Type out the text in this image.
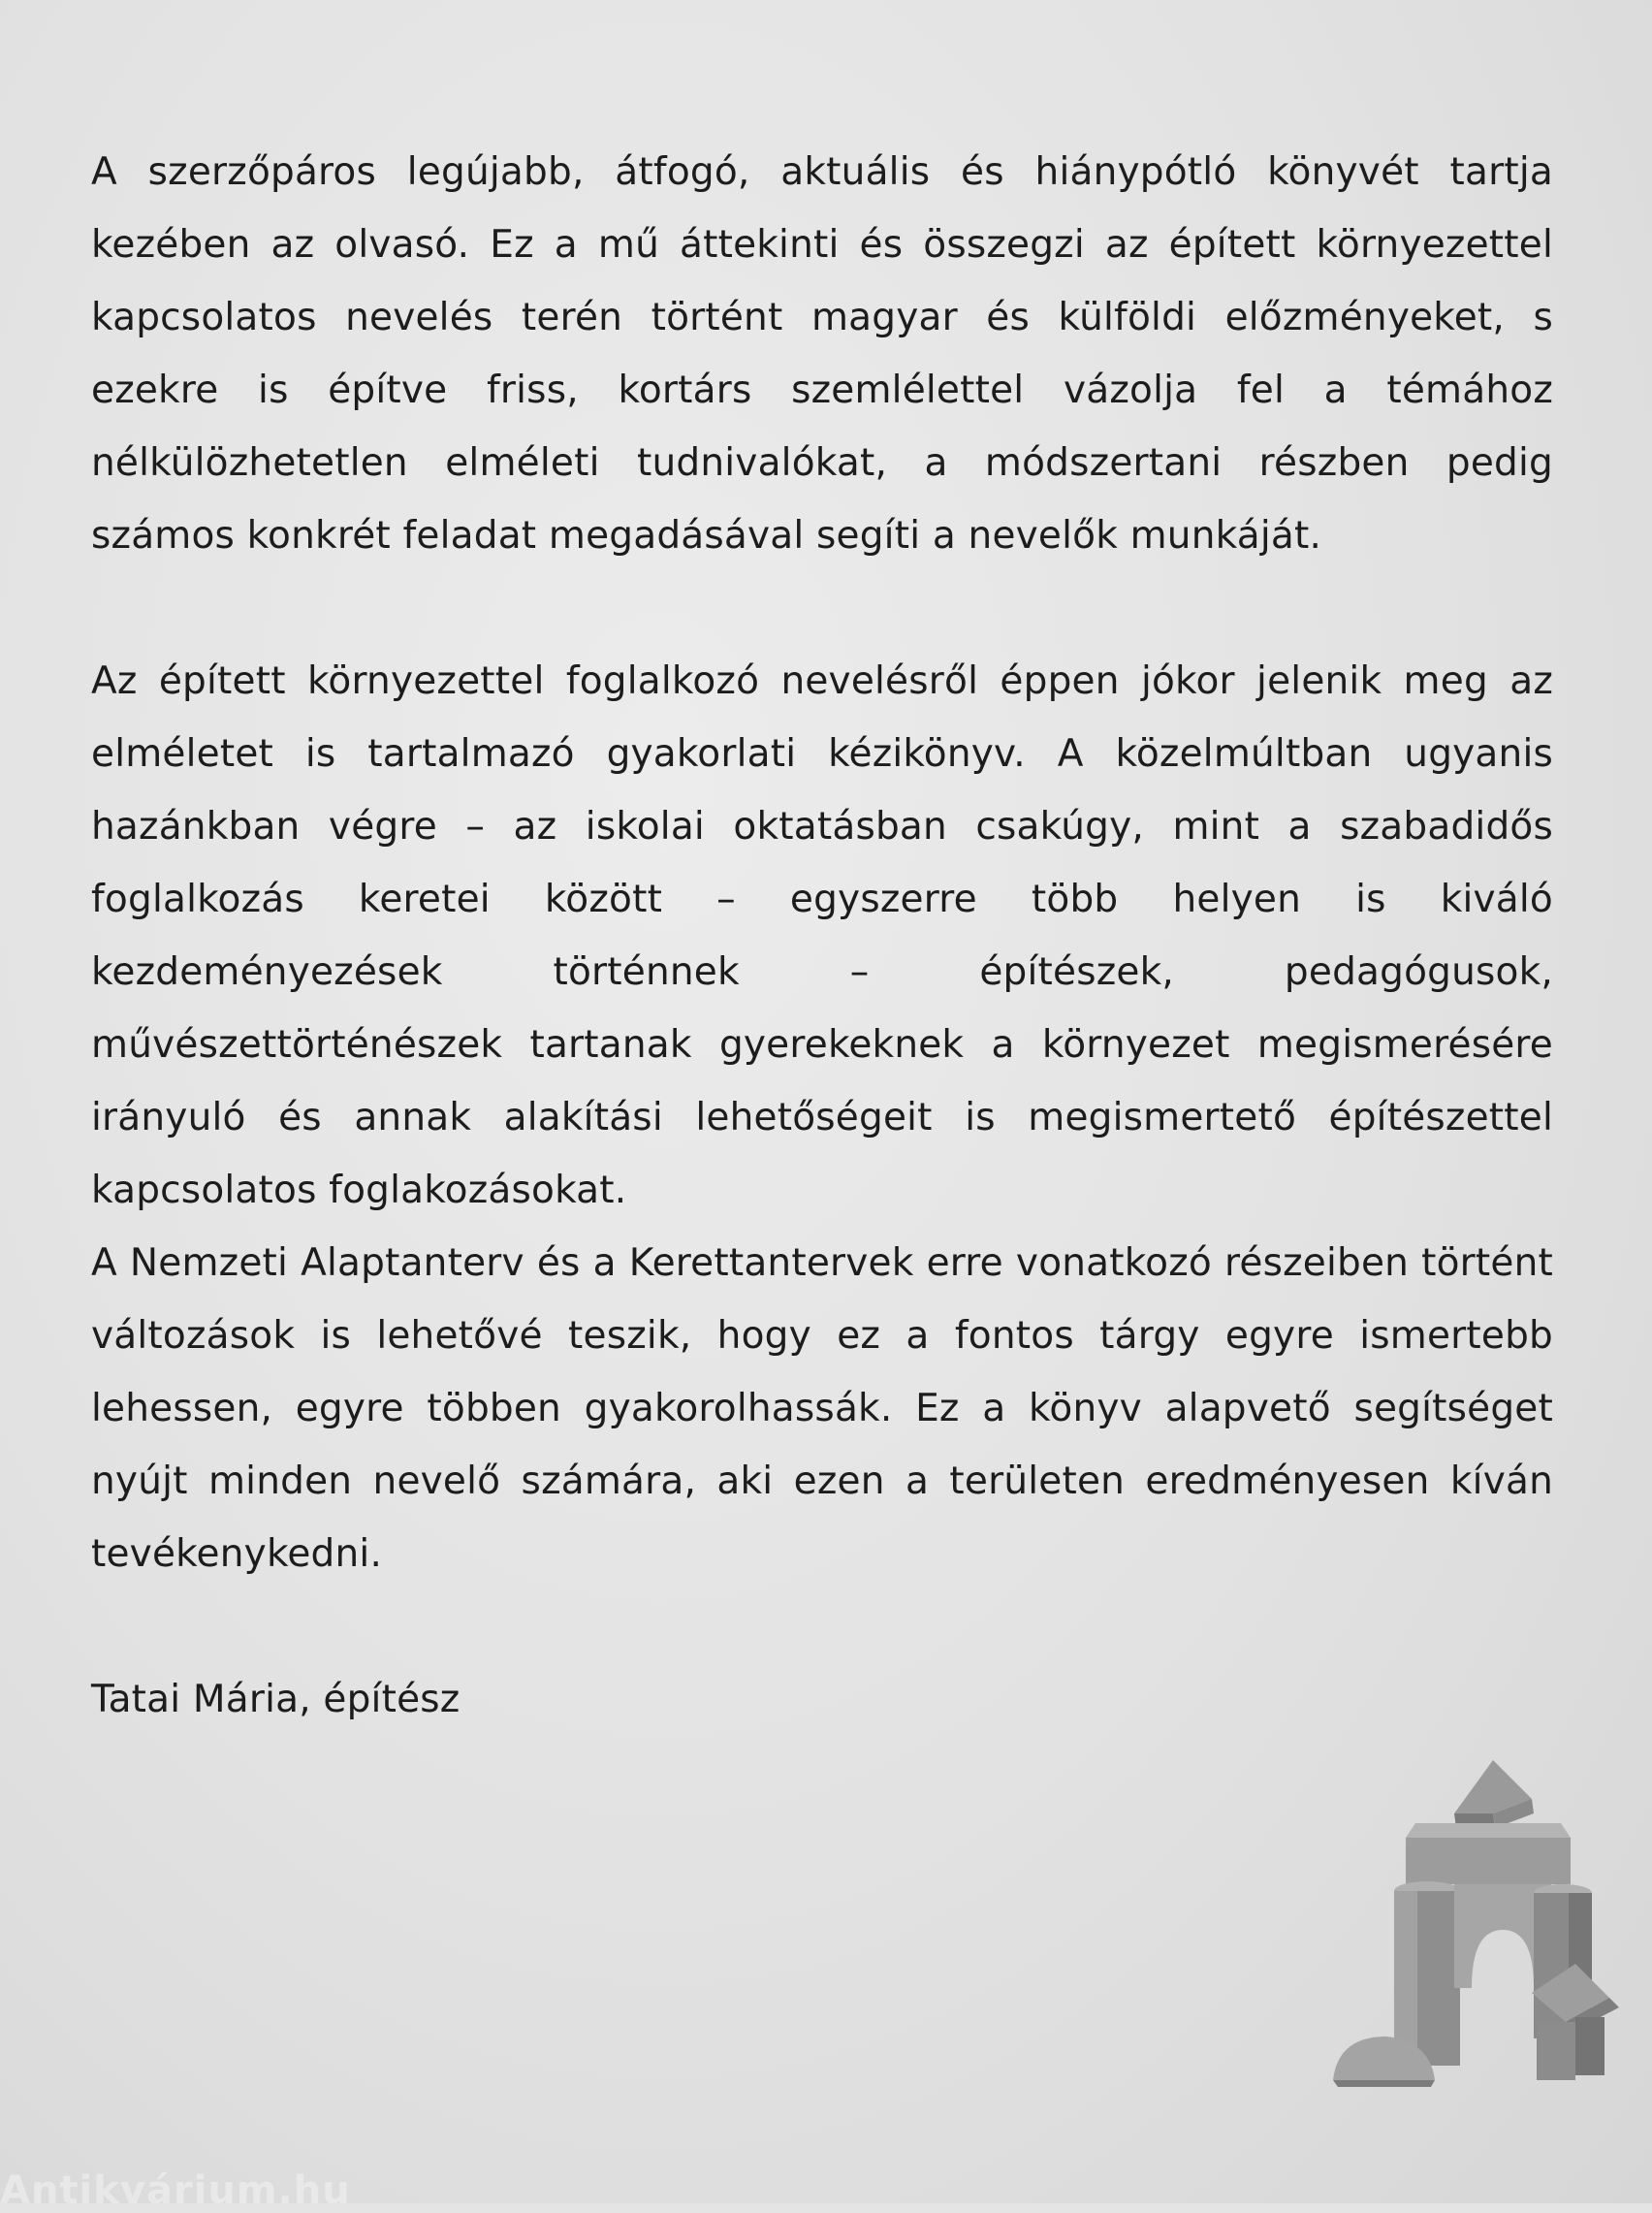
A szerzőpáros legújabb, átfogó, aktuális és hiánypótló könyvét tartja kezében az olvasó. Ez a mű áttekinti és összegzi az épített környezettel kapcsolatos nevelés terén történt magyar és külföldi előzményeket, s ezekre is építve friss, kortárs szemlélettel vázolja fel a témához nélkülözhetetlen elméleti tudnivalókat, a módszertani részben pedig számos konkrét feladat megadásával segíti a nevelők munkáját.

Az épített környezettel foglalkozó nevelésről éppen jókor jelenik meg az elméletet is tartalmazó gyakorlati kézikönyv. A közelmúltban ugyanis hazánkban végre – az iskolai oktatásban csakúgy, mint a szabadidős foglalkozás keretei között – egyszerre több helyen is kiváló kezdeményezések történnek – építészek, pedagógusok, művészettörténészek tartanak gyerekeknek a környezet megismerésére irányuló és annak alakítási lehetőségeit is megismertető építészettel kapcsolatos foglakozásokat.

A Nemzeti Alaptanterv és a Kerettantervek erre vonatkozó részeiben történt változások is lehetővé teszik, hogy ez a fontos tárgy egyre ismertebb lehessen, egyre többen gyakorolhassák. Ez a könyv alapvető segítséget nyújt minden nevelő számára, aki ezen a területen eredményesen kíván tevékenykedni.

Tatai Mária, építész

Antikvárium.hu
